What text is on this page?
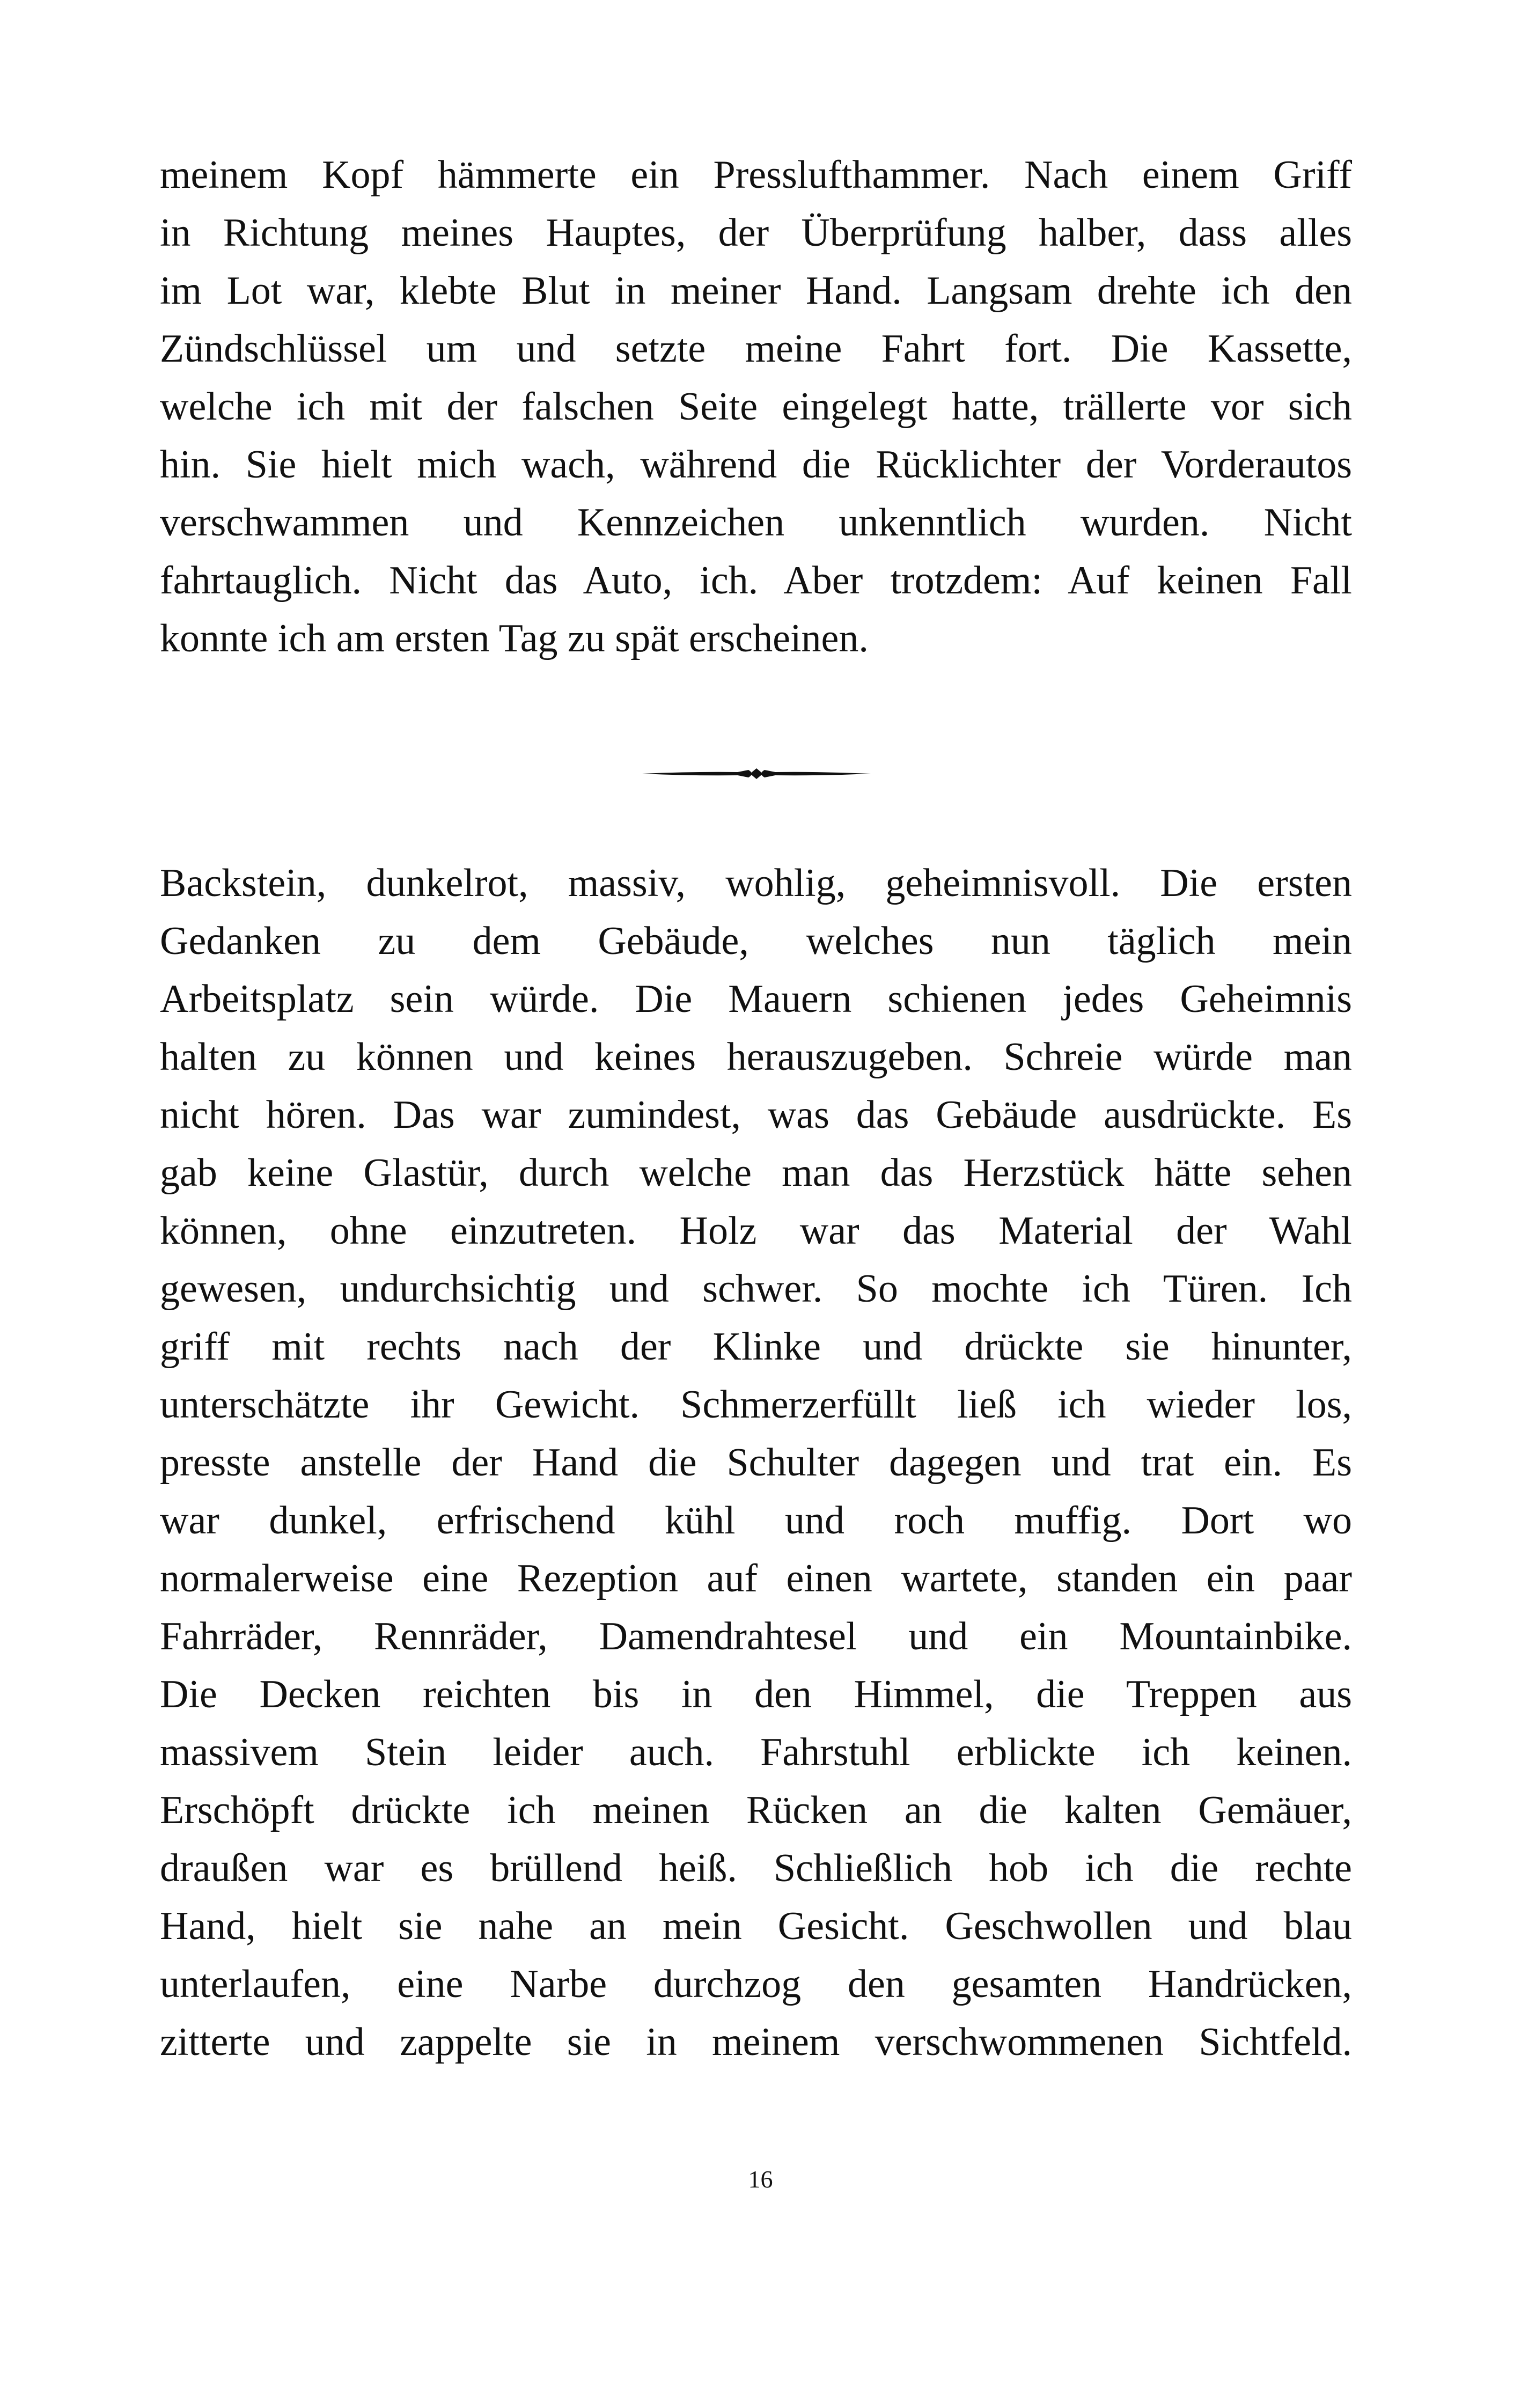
meinem Kopf hämmerte ein Presslufthammer. Nach einem Griff
in Richtung meines Hauptes, der Überprüfung halber, dass alles
im Lot war, klebte Blut in meiner Hand. Langsam drehte ich den
Zündschlüssel um und setzte meine Fahrt fort. Die Kassette,
welche ich mit der falschen Seite eingelegt hatte, trällerte vor sich
hin. Sie hielt mich wach, während die Rücklichter der Vorderautos
verschwammen und Kennzeichen unkenntlich wurden. Nicht
fahrtauglich. Nicht das Auto, ich. Aber trotzdem: Auf keinen Fall
konnte ich am ersten Tag zu spät erscheinen.
Backstein, dunkelrot, massiv, wohlig, geheimnisvoll. Die ersten
Gedanken zu dem Gebäude, welches nun täglich mein
Arbeitsplatz sein würde. Die Mauern schienen jedes Geheimnis
halten zu können und keines herauszugeben. Schreie würde man
nicht hören. Das war zumindest, was das Gebäude ausdrückte. Es
gab keine Glastür, durch welche man das Herzstück hätte sehen
können, ohne einzutreten. Holz war das Material der Wahl
gewesen, undurchsichtig und schwer. So mochte ich Türen. Ich
griff mit rechts nach der Klinke und drückte sie hinunter,
unterschätzte ihr Gewicht. Schmerzerfüllt ließ ich wieder los,
presste anstelle der Hand die Schulter dagegen und trat ein. Es
war dunkel, erfrischend kühl und roch muffig. Dort wo
normalerweise eine Rezeption auf einen wartete, standen ein paar
Fahrräder, Rennräder, Damendrahtesel und ein Mountainbike.
Die Decken reichten bis in den Himmel, die Treppen aus
massivem Stein leider auch. Fahrstuhl erblickte ich keinen.
Erschöpft drückte ich meinen Rücken an die kalten Gemäuer,
draußen war es brüllend heiß. Schließlich hob ich die rechte
Hand, hielt sie nahe an mein Gesicht. Geschwollen und blau
unterlaufen, eine Narbe durchzog den gesamten Handrücken,
zitterte und zappelte sie in meinem verschwommenen Sichtfeld.
16
